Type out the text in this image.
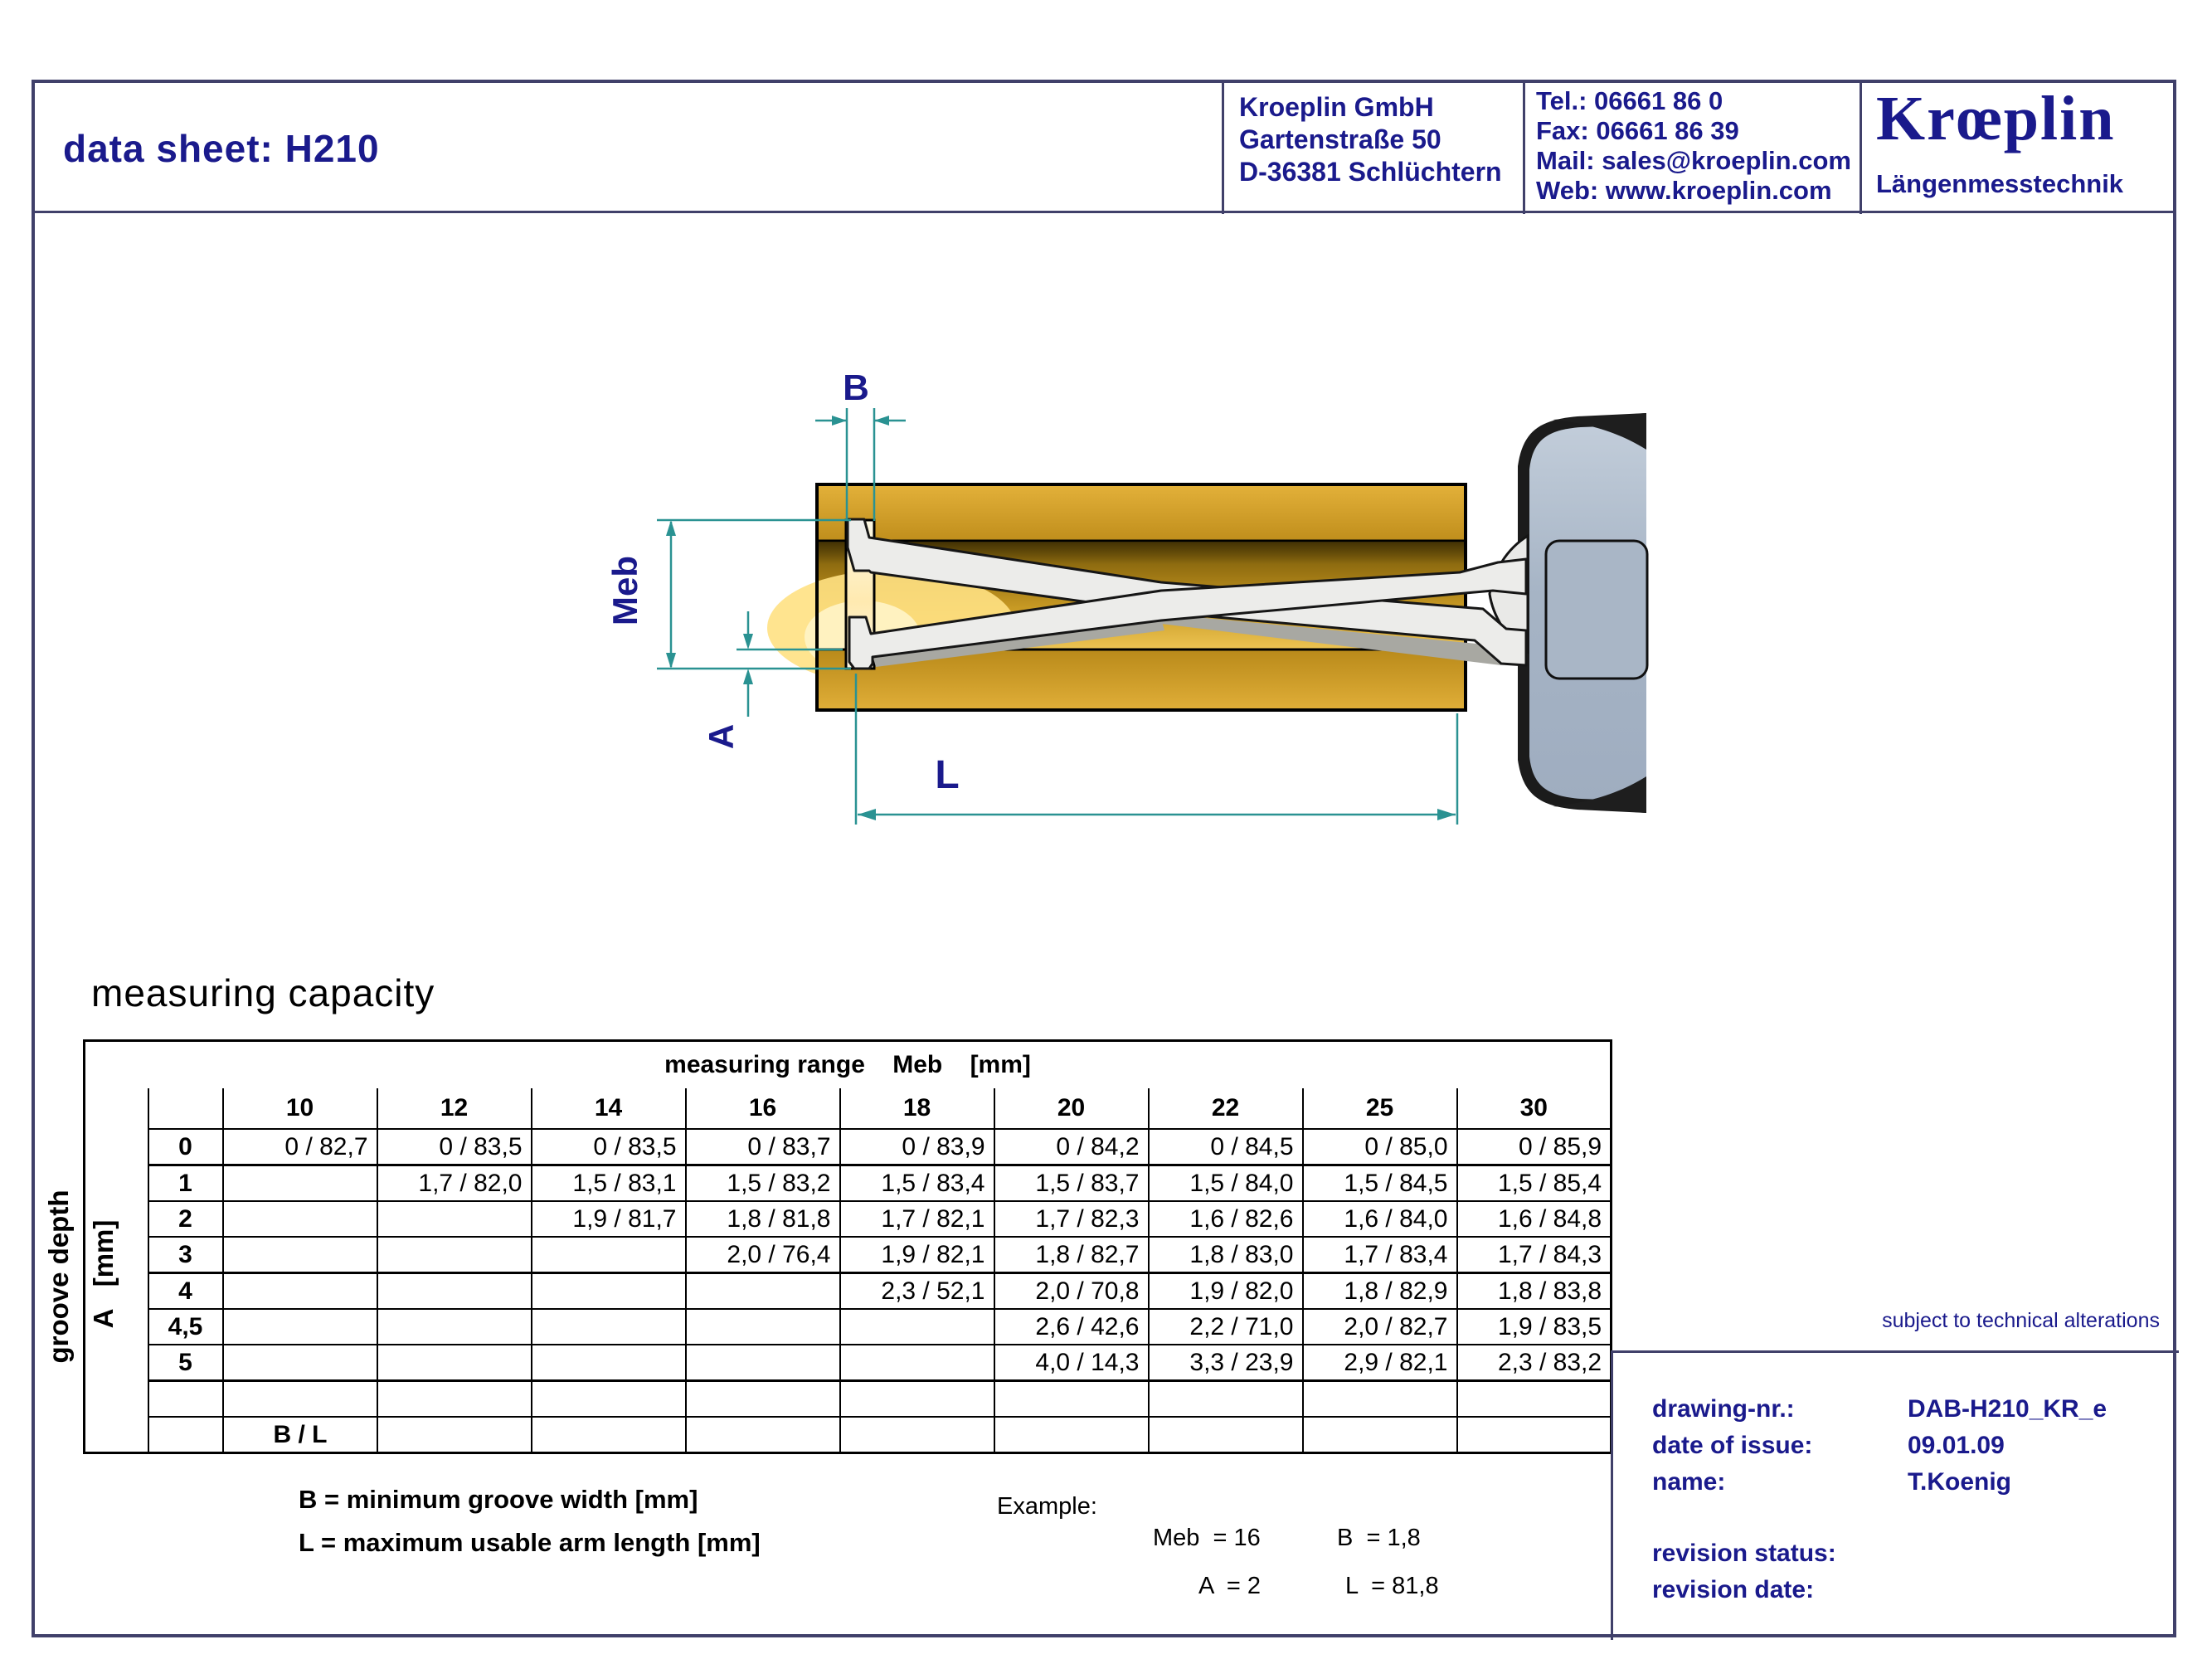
data sheet: H210
Kroeplin GmbH
Gartenstraße 50
D-36381 Schlüchtern
Tel.: 06661 86 0
Fax: 06661 86 39
Mail: sales@kroeplin.com
Web: www.kroeplin.com
Krœplin
Längenmesstechnik
B
Meb
A
L
measuring capacity
measuring range    Meb    [mm]										
		10	12	14	16	18	20	22	25	30
	0	0 / 82,7	0 / 83,5	0 / 83,5	0 / 83,7	0 / 83,9	0 / 84,2	0 / 84,5	0 / 85,0	0 / 85,9
	1		1,7 / 82,0	1,5 / 83,1	1,5 / 83,2	1,5 / 83,4	1,5 / 83,7	1,5 / 84,0	1,5 / 84,5	1,5 / 85,4
	2			1,9 / 81,7	1,8 / 81,8	1,7 / 82,1	1,7 / 82,3	1,6 / 82,6	1,6 / 84,0	1,6 / 84,8
	3				2,0 / 76,4	1,9 / 82,1	1,8 / 82,7	1,8 / 83,0	1,7 / 83,4	1,7 / 84,3
	4					2,3 / 52,1	2,0 / 70,8	1,9 / 82,0	1,8 / 82,9	1,8 / 83,8
	4,5						2,6 / 42,6	2,2 / 71,0	2,0 / 82,7	1,9 / 83,5
	5						4,0 / 14,3	3,3 / 23,9	2,9 / 82,1	2,3 / 83,2

		B / L								
groove depth A   [mm]
B = minimum groove width [mm]
L = maximum usable arm length [mm]
Example:
Meb  = 16	B  = 1,8
A  = 2	L  = 81,8
subject to technical alterations
drawing-nr.:	DAB-H210_KR_e
date of issue:	09.01.09
name:	T.Koenig
revision status:
revision date:
